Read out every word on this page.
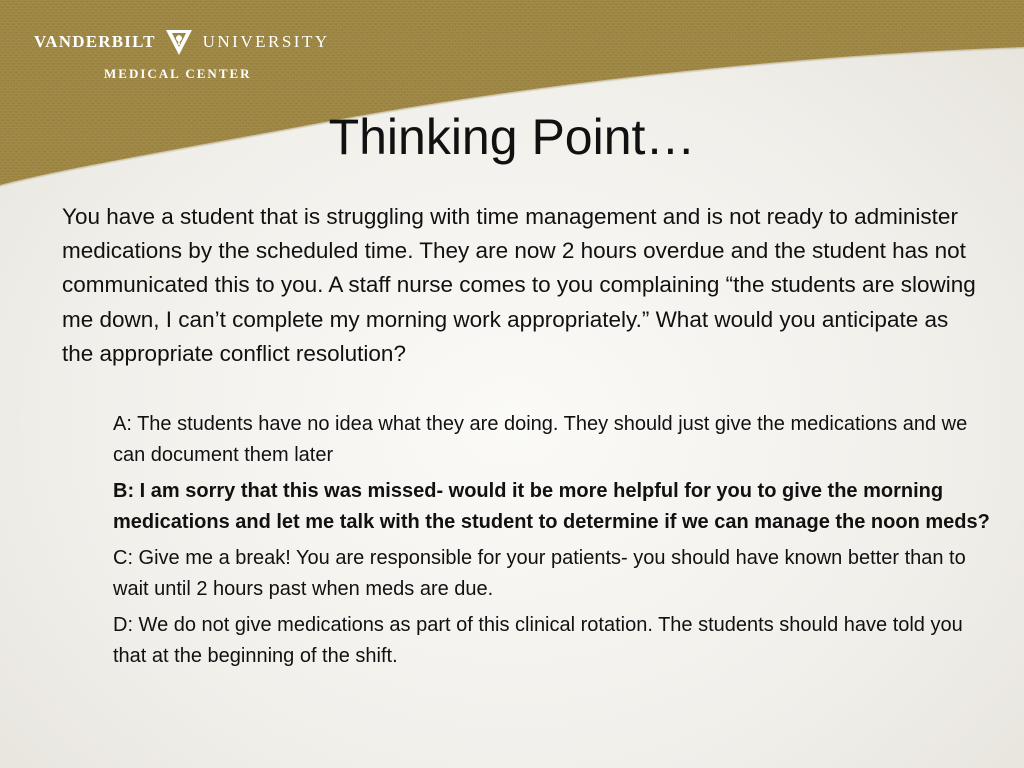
VANDERBILT	UNIVERSITY
MEDICAL CENTER
Thinking Point…

You have a student that is struggling with time management and is not ready to administer medications by the scheduled time. They are now 2 hours overdue and the student has not communicated this to you. A staff nurse comes to you complaining “the students are slowing me down, I can’t complete my morning work appropriately.” What would you anticipate as the appropriate conflict resolution?

A: The students have no idea what they are doing. They should just give the medications and we can document them later
B: I am sorry that this was missed- would it be more helpful for you to give the morning medications and let me talk with the student to determine if we can manage the noon meds?
C: Give me a break! You are responsible for your patients- you should have known better than to wait until 2 hours past when meds are due.
D: We do not give medications as part of this clinical rotation. The students should have told you that at the beginning of the shift.
